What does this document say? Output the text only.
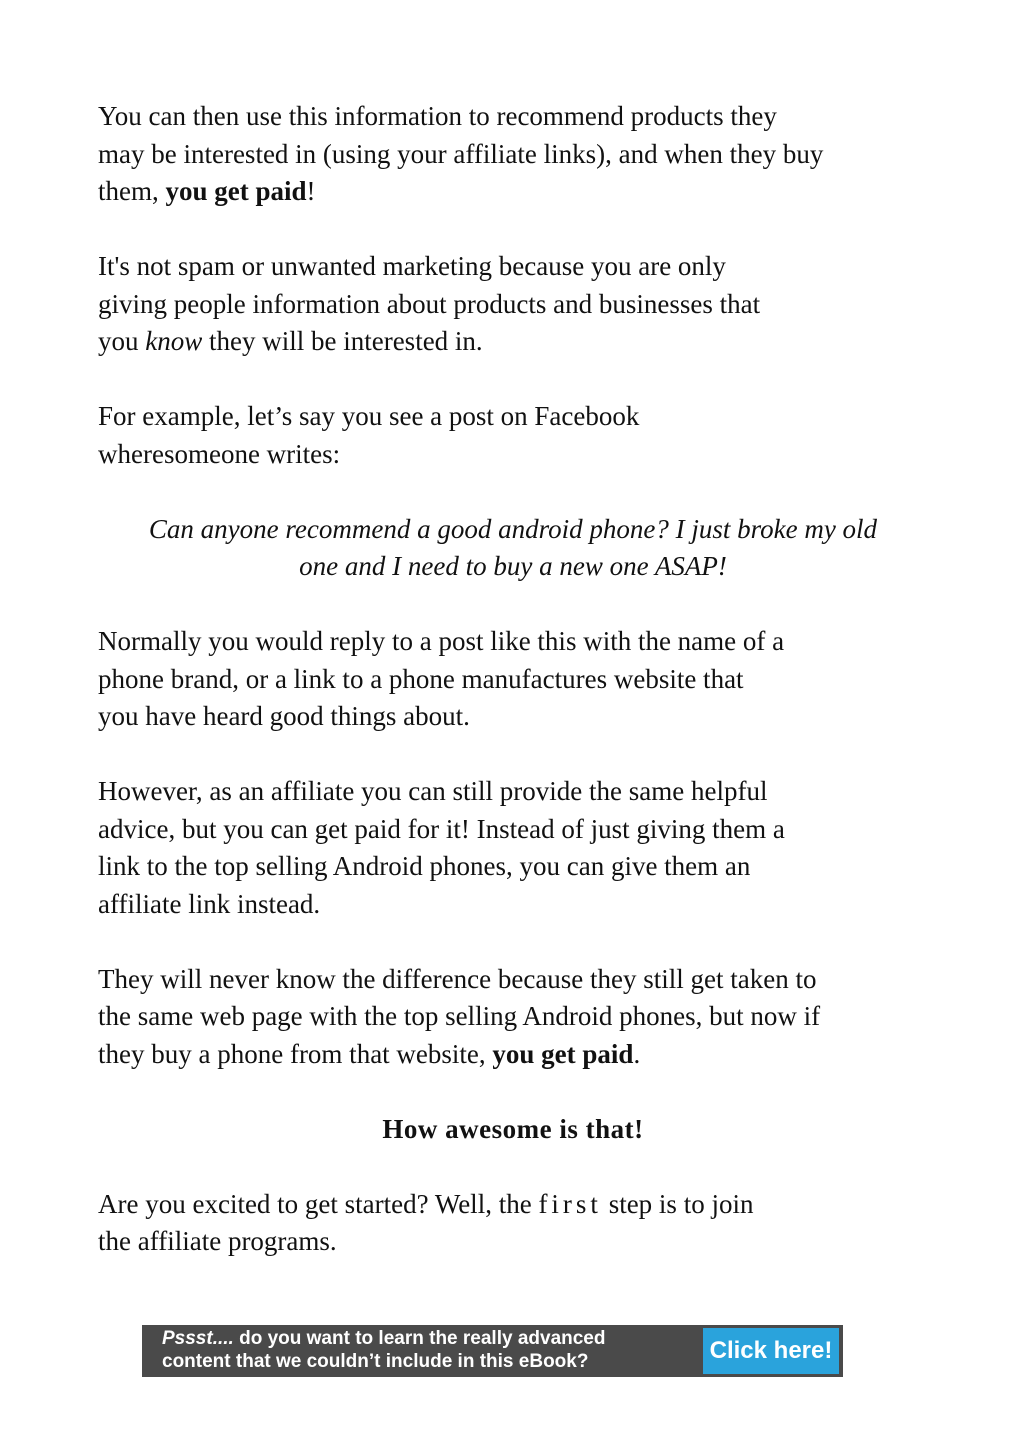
You can then use this information to recommend products they
may be interested in (using your affiliate links), and when they buy
them, you get paid!

It's not spam or unwanted marketing because you are only
giving people information about products and businesses that
you know they will be interested in.

For example, let’s say you see a post on Facebook
wheresomeone writes:

Can anyone recommend a good android phone? I just broke my old
one and I need to buy a new one ASAP!

Normally you would reply to a post like this with the name of a
phone brand, or a link to a phone manufactures website that
you have heard good things about.

However, as an affiliate you can still provide the same helpful
advice, but you can get paid for it! Instead of just giving them a
link to the top selling Android phones, you can give them an
affiliate link instead.

They will never know the difference because they still get taken to
the same web page with the top selling Android phones, but now if
they buy a phone from that website, you get paid.

How awesome is that!

Are you excited to get started? Well, the first step is to join
the affiliate programs.

Pssst.... do you want to learn the really advanced
content that we couldn’t include in this eBook?	Click here!
